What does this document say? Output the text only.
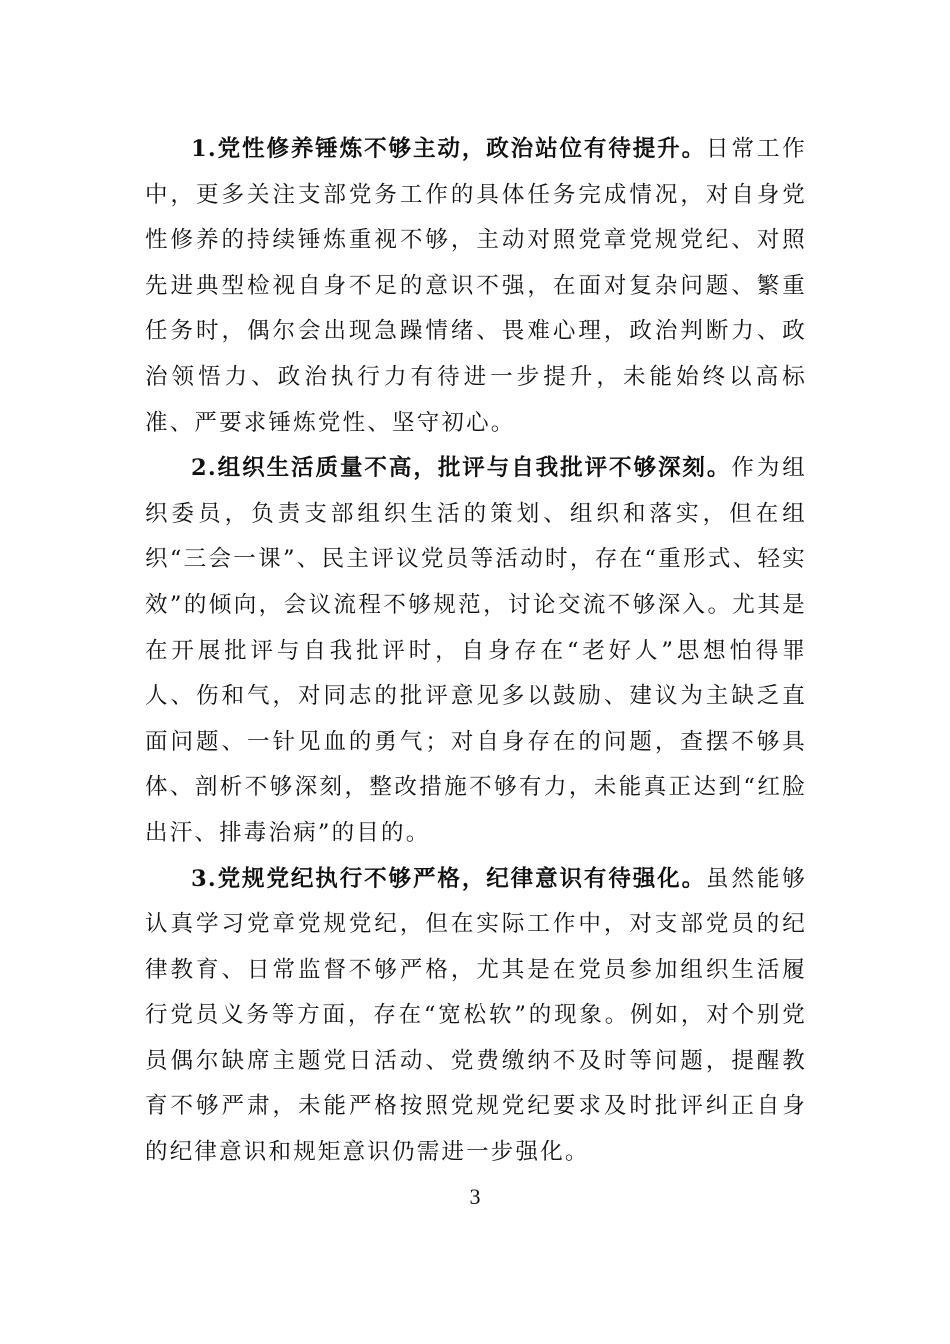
1.党性修养锤炼不够主动，政治站位有待提升。日常工作中，更多关注支部党务工作的具体任务完成情况，对自身党性修养的持续锤炼重视不够，主动对照党章党规党纪、对照先进典型检视自身不足的意识不强，在面对复杂问题、繁重任务时，偶尔会出现急躁情绪、畏难心理，政治判断力、政治领悟力、政治执行力有待进一步提升，未能始终以高标准、严要求锤炼党性、坚守初心。

2.组织生活质量不高，批评与自我批评不够深刻。作为组织委员，负责支部组织生活的策划、组织和落实，但在组织“三会一课”、民主评议党员等活动时，存在“重形式、轻实效”的倾向，会议流程不够规范，讨论交流不够深入。尤其是在开展批评与自我批评时，自身存在“老好人”思想怕得罪人、伤和气，对同志的批评意见多以鼓励、建议为主缺乏直面问题、一针见血的勇气；对自身存在的问题，查摆不够具体、剖析不够深刻，整改措施不够有力，未能真正达到“红脸出汗、排毒治病”的目的。

3.党规党纪执行不够严格，纪律意识有待强化。虽然能够认真学习党章党规党纪，但在实际工作中，对支部党员的纪律教育、日常监督不够严格，尤其是在党员参加组织生活履行党员义务等方面，存在“宽松软”的现象。例如，对个别党员偶尔缺席主题党日活动、党费缴纳不及时等问题，提醒教育不够严肃，未能严格按照党规党纪要求及时批评纠正自身的纪律意识和规矩意识仍需进一步强化。

3
